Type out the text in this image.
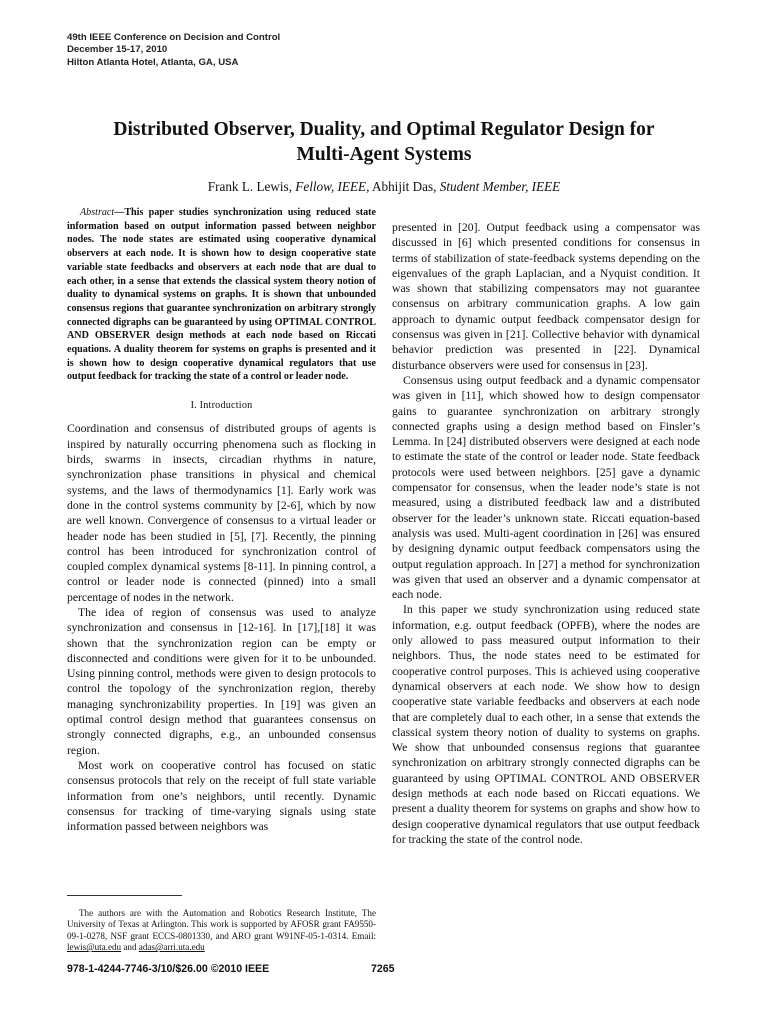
49th IEEE Conference on Decision and Control
December 15-17, 2010
Hilton Atlanta Hotel, Atlanta, GA, USA
Distributed Observer, Duality, and Optimal Regulator Design for
Multi-Agent Systems
Frank L. Lewis, Fellow, IEEE, Abhijit Das, Student Member, IEEE

Abstract—This paper studies synchronization using reduced state information based on output information passed between neighbor nodes. The node states are estimated using cooperative dynamical observers at each node. It is shown how to design cooperative state variable state feedbacks and observers at each node that are dual to each other, in a sense that extends the classical system theory notion of duality to dynamical systems on graphs. It is shown that unbounded consensus regions that guarantee synchronization on arbitrary strongly connected digraphs can be guaranteed by using OPTIMAL CONTROL AND OBSERVER design methods at each node based on Riccati equations. A duality theorem for systems on graphs is presented and it is shown how to design cooperative dynamical regulators that use output feedback for tracking the state of a control or leader node.

I. Introduction

Coordination and consensus of distributed groups of agents is inspired by naturally occurring phenomena such as flocking in birds, swarms in insects, circadian rhythms in nature, synchronization phase transitions in physical and chemical systems, and the laws of thermodynamics [1]. Early work was done in the control systems community by [2-6], which by now are well known. Convergence of consensus to a virtual leader or header node has been studied in [5], [7]. Recently, the pinning control has been introduced for synchronization control of coupled complex dynamical systems [8-11]. In pinning control, a control or leader node is connected (pinned) into a small percentage of nodes in the network.

The idea of region of consensus was used to analyze synchronization and consensus in [12-16]. In [17],[18] it was shown that the synchronization region can be empty or disconnected and conditions were given for it to be unbounded. Using pinning control, methods were given to design protocols to control the topology of the synchronization region, thereby managing synchronizability properties. In [19] was given an optimal control design method that guarantees consensus on strongly connected digraphs, e.g., an unbounded consensus region.

Most work on cooperative control has focused on static consensus protocols that rely on the receipt of full state variable information from one’s neighbors, until recently. Dynamic consensus for tracking of time-varying signals using state information passed between neighbors was

presented in [20]. Output feedback using a compensator was discussed in [6] which presented conditions for consensus in terms of stabilization of state-feedback systems depending on the eigenvalues of the graph Laplacian, and a Nyquist condition. It was shown that stabilizing compensators may not guarantee consensus on arbitrary communication graphs. A low gain approach to dynamic output feedback compensator design for consensus was given in [21]. Collective behavior with dynamical behavior prediction was presented in [22]. Dynamical disturbance observers were used for consensus in [23].

Consensus using output feedback and a dynamic compensator was given in [11], which showed how to design compensator gains to guarantee synchronization on arbitrary strongly connected graphs using a design method based on Finsler’s Lemma. In [24] distributed observers were designed at each node to estimate the state of the control or leader node. State feedback protocols were used between neighbors. [25] gave a dynamic compensator for consensus, when the leader node’s state is not measured, using a distributed feedback law and a distributed observer for the leader’s unknown state. Riccati equation-based analysis was used. Multi-agent coordination in [26] was ensured by designing dynamic output feedback compensators using the output regulation approach. In [27] a method for synchronization was given that used an observer and a dynamic compensator at each node.

In this paper we study synchronization using reduced state information, e.g. output feedback (OPFB), where the nodes are only allowed to pass measured output information to their neighbors. Thus, the node states need to be estimated for cooperative control purposes. This is achieved using cooperative dynamical observers at each node. We show how to design cooperative state variable feedbacks and observers at each node that are completely dual to each other, in a sense that extends the classical system theory notion of duality to systems on graphs. We show that unbounded consensus regions that guarantee synchronization on arbitrary strongly connected digraphs can be guaranteed by using OPTIMAL CONTROL AND OBSERVER design methods at each node based on Riccati equations. We present a duality theorem for systems on graphs and show how to design cooperative dynamical regulators that use output feedback for tracking the state of the control node.

The authors are with the Automation and Robotics Research Institute, The University of Texas at Arlington. This work is supported by AFOSR grant FA9550-09-1-0278, NSF grant ECCS-0801330, and ARO grant W91NF-05-1-0314. Email: lewis@uta.edu and adas@arri.uta.edu
978-1-4244-7746-3/10/$26.00 ©2010 IEEE	7265
